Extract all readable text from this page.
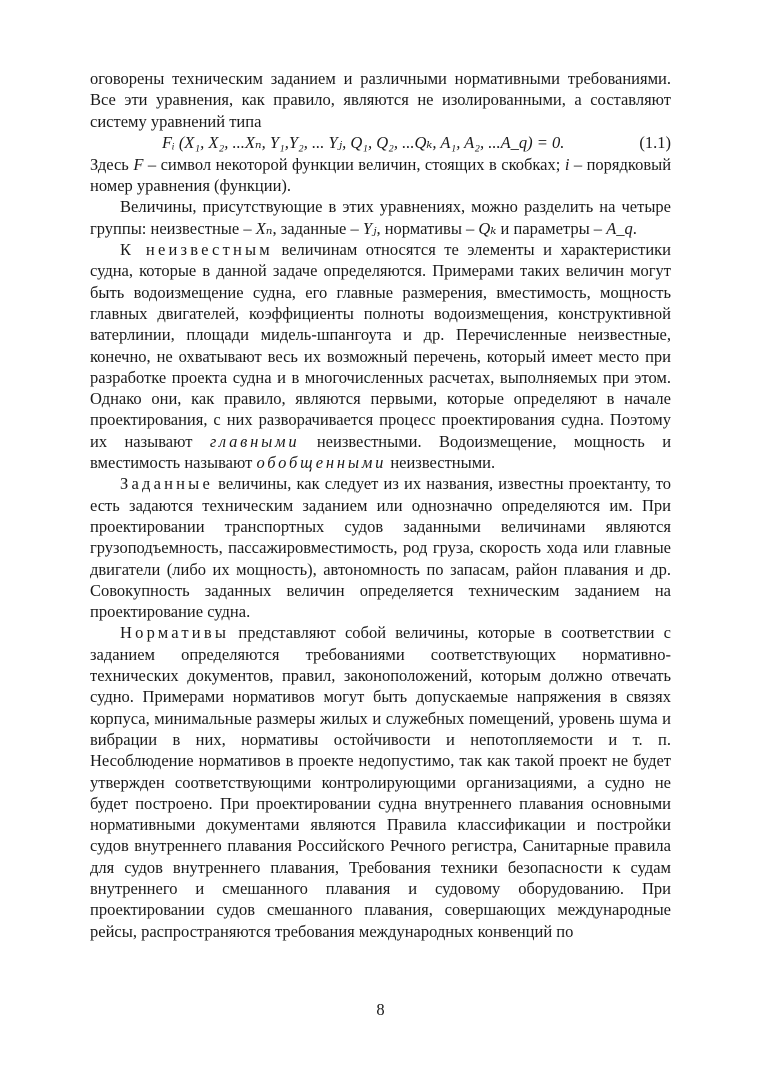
оговорены техническим заданием и различными нормативными требованиями. Все эти уравнения, как правило, являются не изолированными, а составляют систему уравнений типа

Fᵢ (X₁, X₂, ...Xₙ, Y₁,Y₂, ... Yⱼ, Q₁, Q₂, ...Qₖ, A₁, A₂, ...A_q) = 0.	(1.1)

Здесь F – символ некоторой функции величин, стоящих в скобках; i – порядковый номер уравнения (функции).

Величины, присутствующие в этих уравнениях, можно разделить на четыре группы: неизвестные – Xₙ, заданные – Yⱼ, нормативы – Qₖ и параметры – A_q.

К неизвестным величинам относятся те элементы и характеристики судна, которые в данной задаче определяются. Примерами таких величин могут быть водоизмещение судна, его главные размерения, вместимость, мощность главных двигателей, коэффициенты полноты водоизмещения, конструктивной ватерлинии, площади мидель-шпангоута и др. Перечисленные неизвестные, конечно, не охватывают весь их возможный перечень, который имеет место при разработке проекта судна и в многочисленных расчетах, выполняемых при этом. Однако они, как правило, являются первыми, которые определяют в начале проектирования, с них разворачивается процесс проектирования судна. Поэтому их называют главными неизвестными. Водоизмещение, мощность и вместимость называют обобщенными неизвестными.

Заданные величины, как следует из их названия, известны проектанту, то есть задаются техническим заданием или однозначно определяются им. При проектировании транспортных судов заданными величинами являются грузоподъемность, пассажировместимость, род груза, скорость хода или главные двигатели (либо их мощность), автономность по запасам, район плавания и др. Совокупность заданных величин определяется техническим заданием на проектирование судна.

Нормативы представляют собой величины, которые в соответствии с заданием определяются требованиями соответствующих нормативно-технических документов, правил, законоположений, которым должно отвечать судно. Примерами нормативов могут быть допускаемые напряжения в связях корпуса, минимальные размеры жилых и служебных помещений, уровень шума и вибрации в них, нормативы остойчивости и непотопляемости и т. п. Несоблюдение нормативов в проекте недопустимо, так как такой проект не будет утвержден соответствующими контролирующими организациями, а судно не будет построено. При проектировании судна внутреннего плавания основными нормативными документами являются Правила классификации и постройки судов внутреннего плавания Российского Речного регистра, Санитарные правила для судов внутреннего плавания, Требования техники безопасности к судам внутреннего и смешанного плавания и судовому оборудованию. При проектировании судов смешанного плавания, совершающих международные рейсы, распространяются требования международных конвенций по

8
